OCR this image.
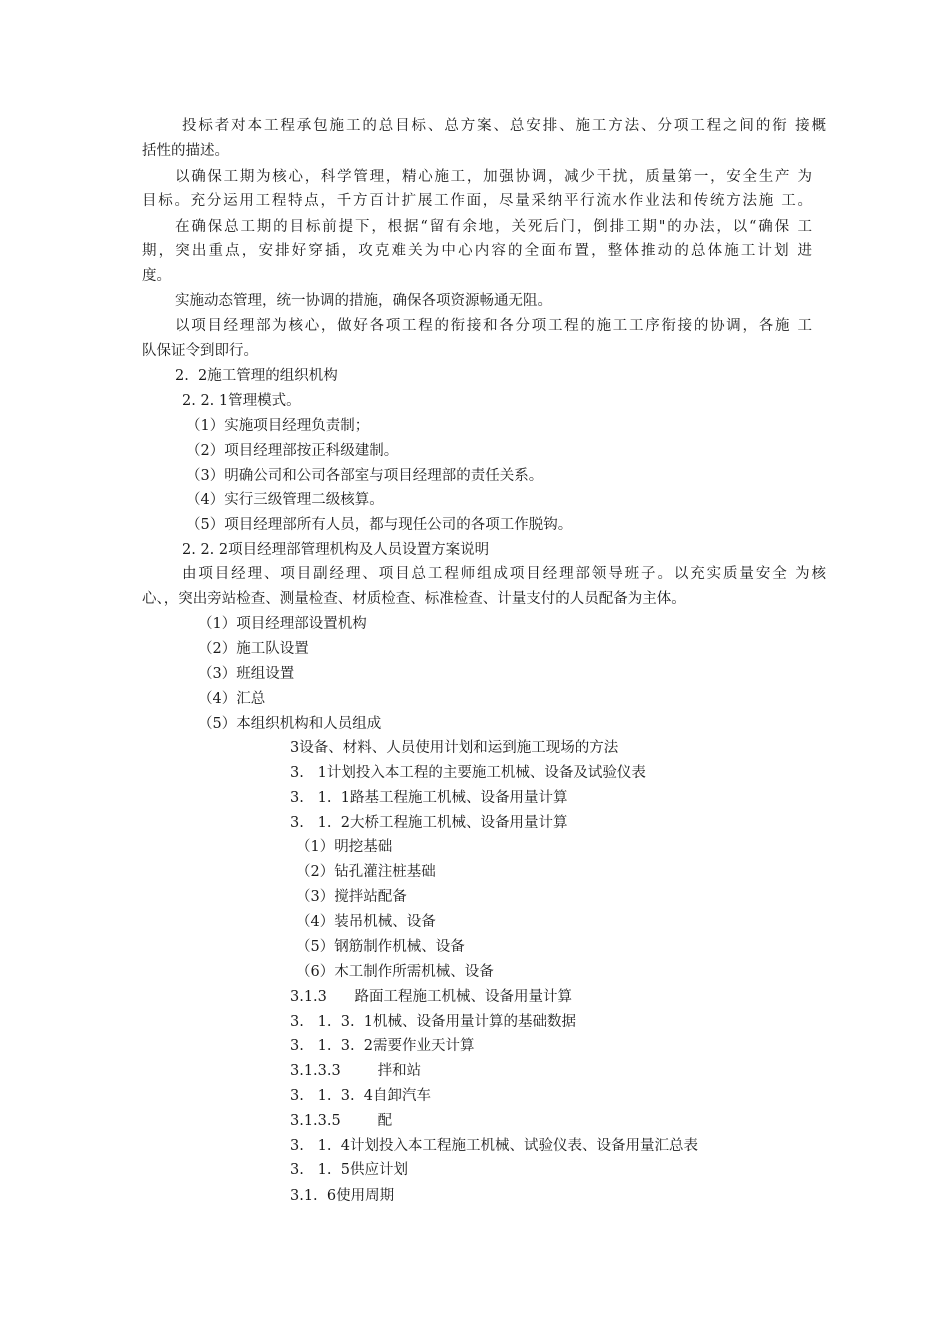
投标者对本工程承包施工的总目标、总方案、总安排、施工方法、分项工程之间的衔 接概
括性的描述。
以确保工期为核心，科学管理，精心施工，加强协调，减少干扰，质量第一，安全生产 为
目标。充分运用工程特点，千方百计扩展工作面，尽量采纳平行流水作业法和传统方法施 工。
在确保总工期的目标前提下，根据“留有余地，关死后门，倒排工期"的办法，以“确保 工
期，突出重点，安排好穿插，攻克难关为中心内容的全面布置，整体推动的总体施工计划 进
度。
实施动态管理，统一协调的措施，确保各项资源畅通无阻。
以项目经理部为核心，做好各项工程的衔接和各分项工程的施工工序衔接的协调，各施 工
队保证令到即行。
2.  2施工管理的组织机构
2. 2. 1管理模式。
（1）实施项目经理负责制；
（2）项目经理部按正科级建制。
（3）明确公司和公司各部室与项目经理部的责任关系。
（4）实行三级管理二级核算。
（5）项目经理部所有人员，都与现任公司的各项工作脱钩。
2. 2. 2项目经理部管理机构及人员设置方案说明
由项目经理、项目副经理、项目总工程师组成项目经理部领导班子。以充实质量安全 为核
心、，突出旁站检查、测量检查、材质检查、标准检查、计量支付的人员配备为主体。
（1）项目经理部设置机构
（2）施工队设置
（3）班组设置
（4）汇总
（5）本组织机构和人员组成
3设备、材料、人员使用计划和运到施工现场的方法
3.   1计划投入本工程的主要施工机械、设备及试验仪表
3.   1.  1路基工程施工机械、设备用量计算
3.   1.  2大桥工程施工机械、设备用量计算
（1）明挖基础
（2）钻孔灌注桩基础
（3）搅拌站配备
（4）装吊机械、设备
（5）钢筋制作机械、设备
（6）木工制作所需机械、设备
3.1.3      路面工程施工机械、设备用量计算
3.   1.  3.  1机械、设备用量计算的基础数据
3.   1.  3.  2需要作业天计算
3.1.3.3        拌和站
3.   1.  3.  4自卸汽车
3.1.3.5        配
3.   1.  4计划投入本工程施工机械、试验仪表、设备用量汇总表
3.   1.  5供应计划
3.1.  6使用周期
